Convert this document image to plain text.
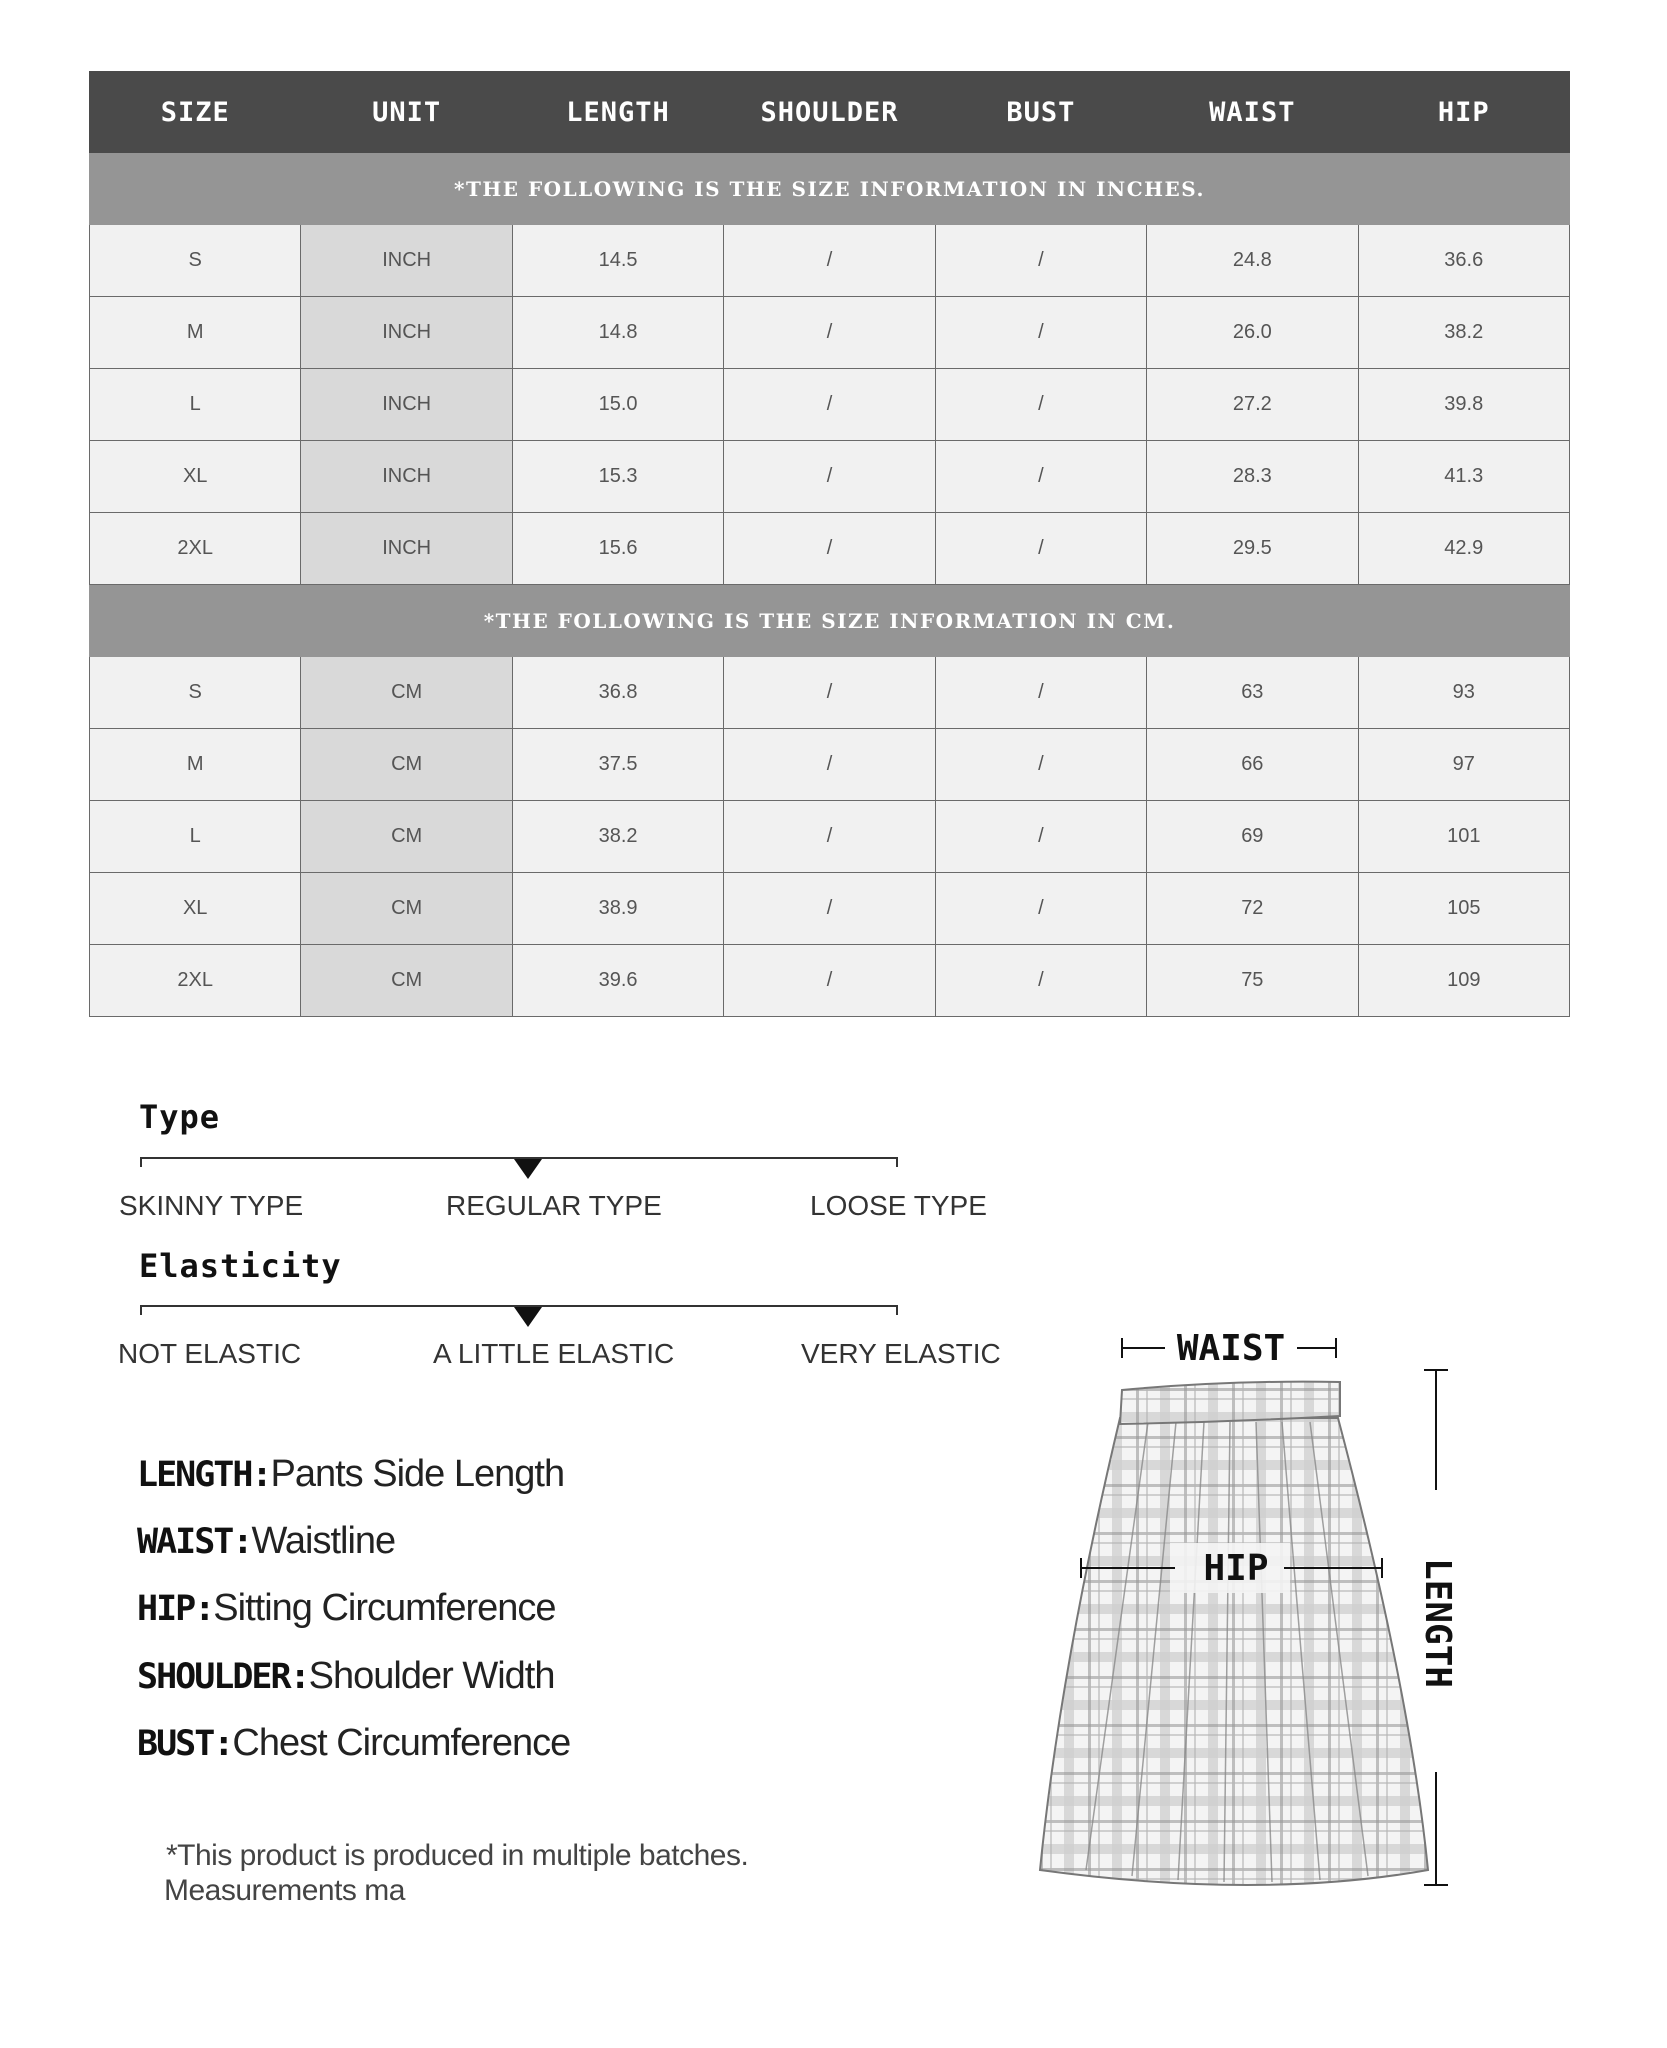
SIZE	UNIT	LENGTH	SHOULDER	BUST	WAIST	HIP
*THE FOLLOWING IS THE SIZE INFORMATION IN INCHES.						
S	INCH	14.5	/	/	24.8	36.6
M	INCH	14.8	/	/	26.0	38.2
L	INCH	15.0	/	/	27.2	39.8
XL	INCH	15.3	/	/	28.3	41.3
2XL	INCH	15.6	/	/	29.5	42.9
*THE FOLLOWING IS THE SIZE INFORMATION IN CM.						
S	CM	36.8	/	/	63	93
M	CM	37.5	/	/	66	97
L	CM	38.2	/	/	69	101
XL	CM	38.9	/	/	72	105
2XL	CM	39.6	/	/	75	109
Type
SKINNY TYPE	REGULAR TYPE	LOOSE TYPE
Elasticity
NOT ELASTIC	A LITTLE ELASTIC	VERY ELASTIC
LENGTH:Pants Side Length
WAIST:Waistline
HIP:Sitting Circumference
SHOULDER:Shoulder Width
BUST:Chest Circumference
*This product is produced in multiple batches.
Measurements ma
WAIST
HIP	LENGTH
